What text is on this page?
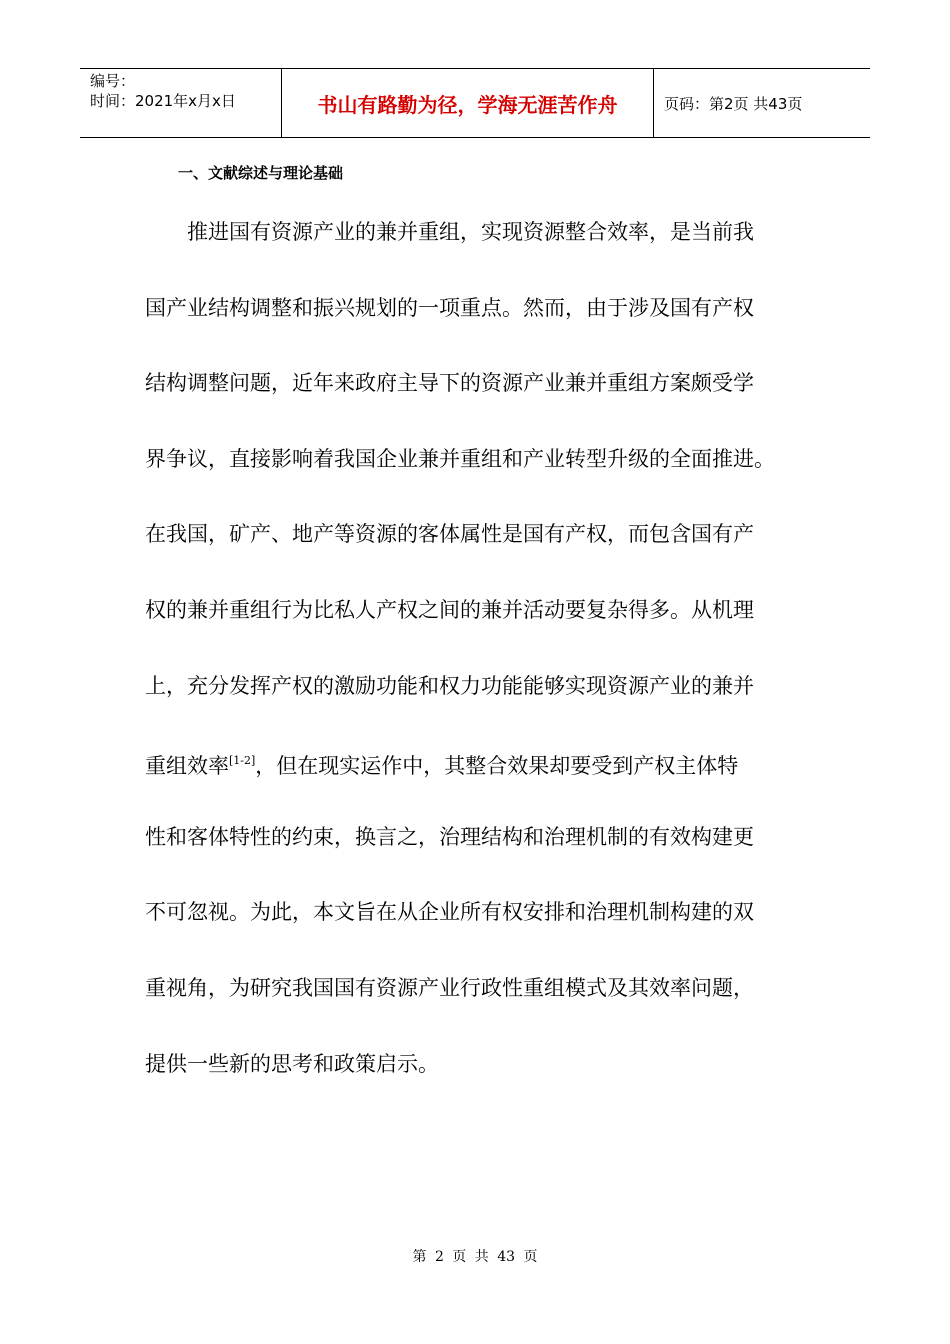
编号：
时间：2021年x月x日	书山有路勤为径，学海无涯苦作舟	页码：第2页 共43页
一、文献综述与理论基础
推进国有资源产业的兼并重组，实现资源整合效率，是当前我
国产业结构调整和振兴规划的一项重点。然而，由于涉及国有产权
结构调整问题，近年来政府主导下的资源产业兼并重组方案颇受学
界争议，直接影响着我国企业兼并重组和产业转型升级的全面推进。
在我国，矿产、地产等资源的客体属性是国有产权，而包含国有产
权的兼并重组行为比私人产权之间的兼并活动要复杂得多。从机理
上，充分发挥产权的激励功能和权力功能能够实现资源产业的兼并
重组效率[1-2]，但在现实运作中，其整合效果却要受到产权主体特
性和客体特性的约束，换言之，治理结构和治理机制的有效构建更
不可忽视。为此，本文旨在从企业所有权安排和治理机制构建的双
重视角，为研究我国国有资源产业行政性重组模式及其效率问题，
提供一些新的思考和政策启示。
第 2 页 共 43 页
